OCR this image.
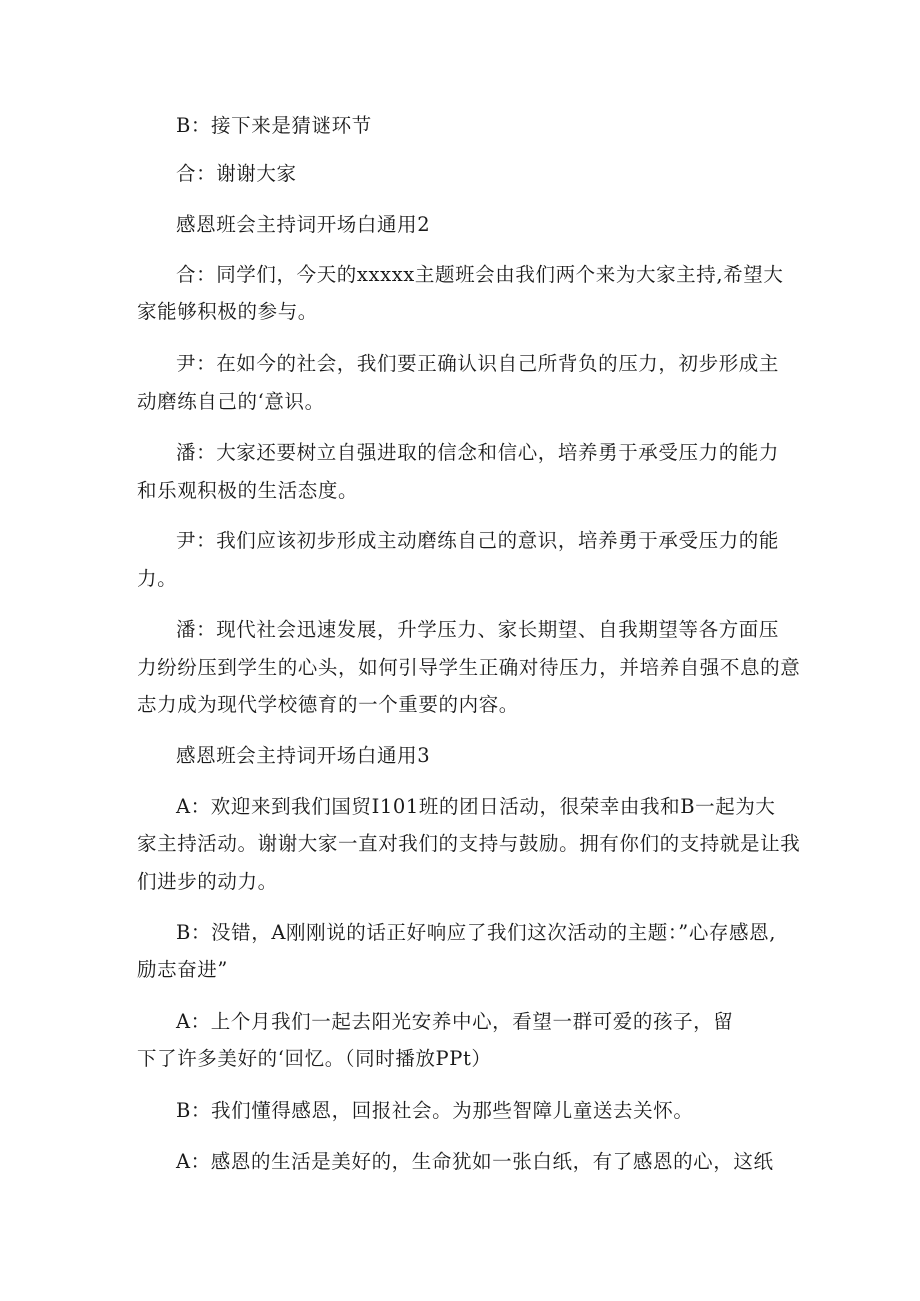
B：接下来是猜谜环节
合：谢谢大家
感恩班会主持词开场白通用2
合：同学们，今天的xxxxx主题班会由我们两个来为大家主持,希望大
家能够积极的参与。
尹：在如今的社会，我们要正确认识自己所背负的压力，初步形成主
动磨练自己的‘意识。
潘：大家还要树立自强进取的信念和信心，培养勇于承受压力的能力
和乐观积极的生活态度。
尹：我们应该初步形成主动磨练自己的意识，培养勇于承受压力的能
力。
潘：现代社会迅速发展，升学压力、家长期望、自我期望等各方面压
力纷纷压到学生的心头，如何引导学生正确对待压力，并培养自强不息的意
志力成为现代学校德育的一个重要的内容。
感恩班会主持词开场白通用3
A：欢迎来到我们国贸I101班的团日活动，很荣幸由我和B一起为大
家主持活动。谢谢大家一直对我们的支持与鼓励。拥有你们的支持就是让我
们进步的动力。
B：没错，A刚刚说的话正好响应了我们这次活动的主题：”心存感恩,
励志奋进”
A：上个月我们一起去阳光安养中心，看望一群可爱的孩子，留
下了许多美好的‘回忆。（同时播放PPt）
B：我们懂得感恩，回报社会。为那些智障儿童送去关怀。
A：感恩的生活是美好的，生命犹如一张白纸，有了感恩的心，这纸
